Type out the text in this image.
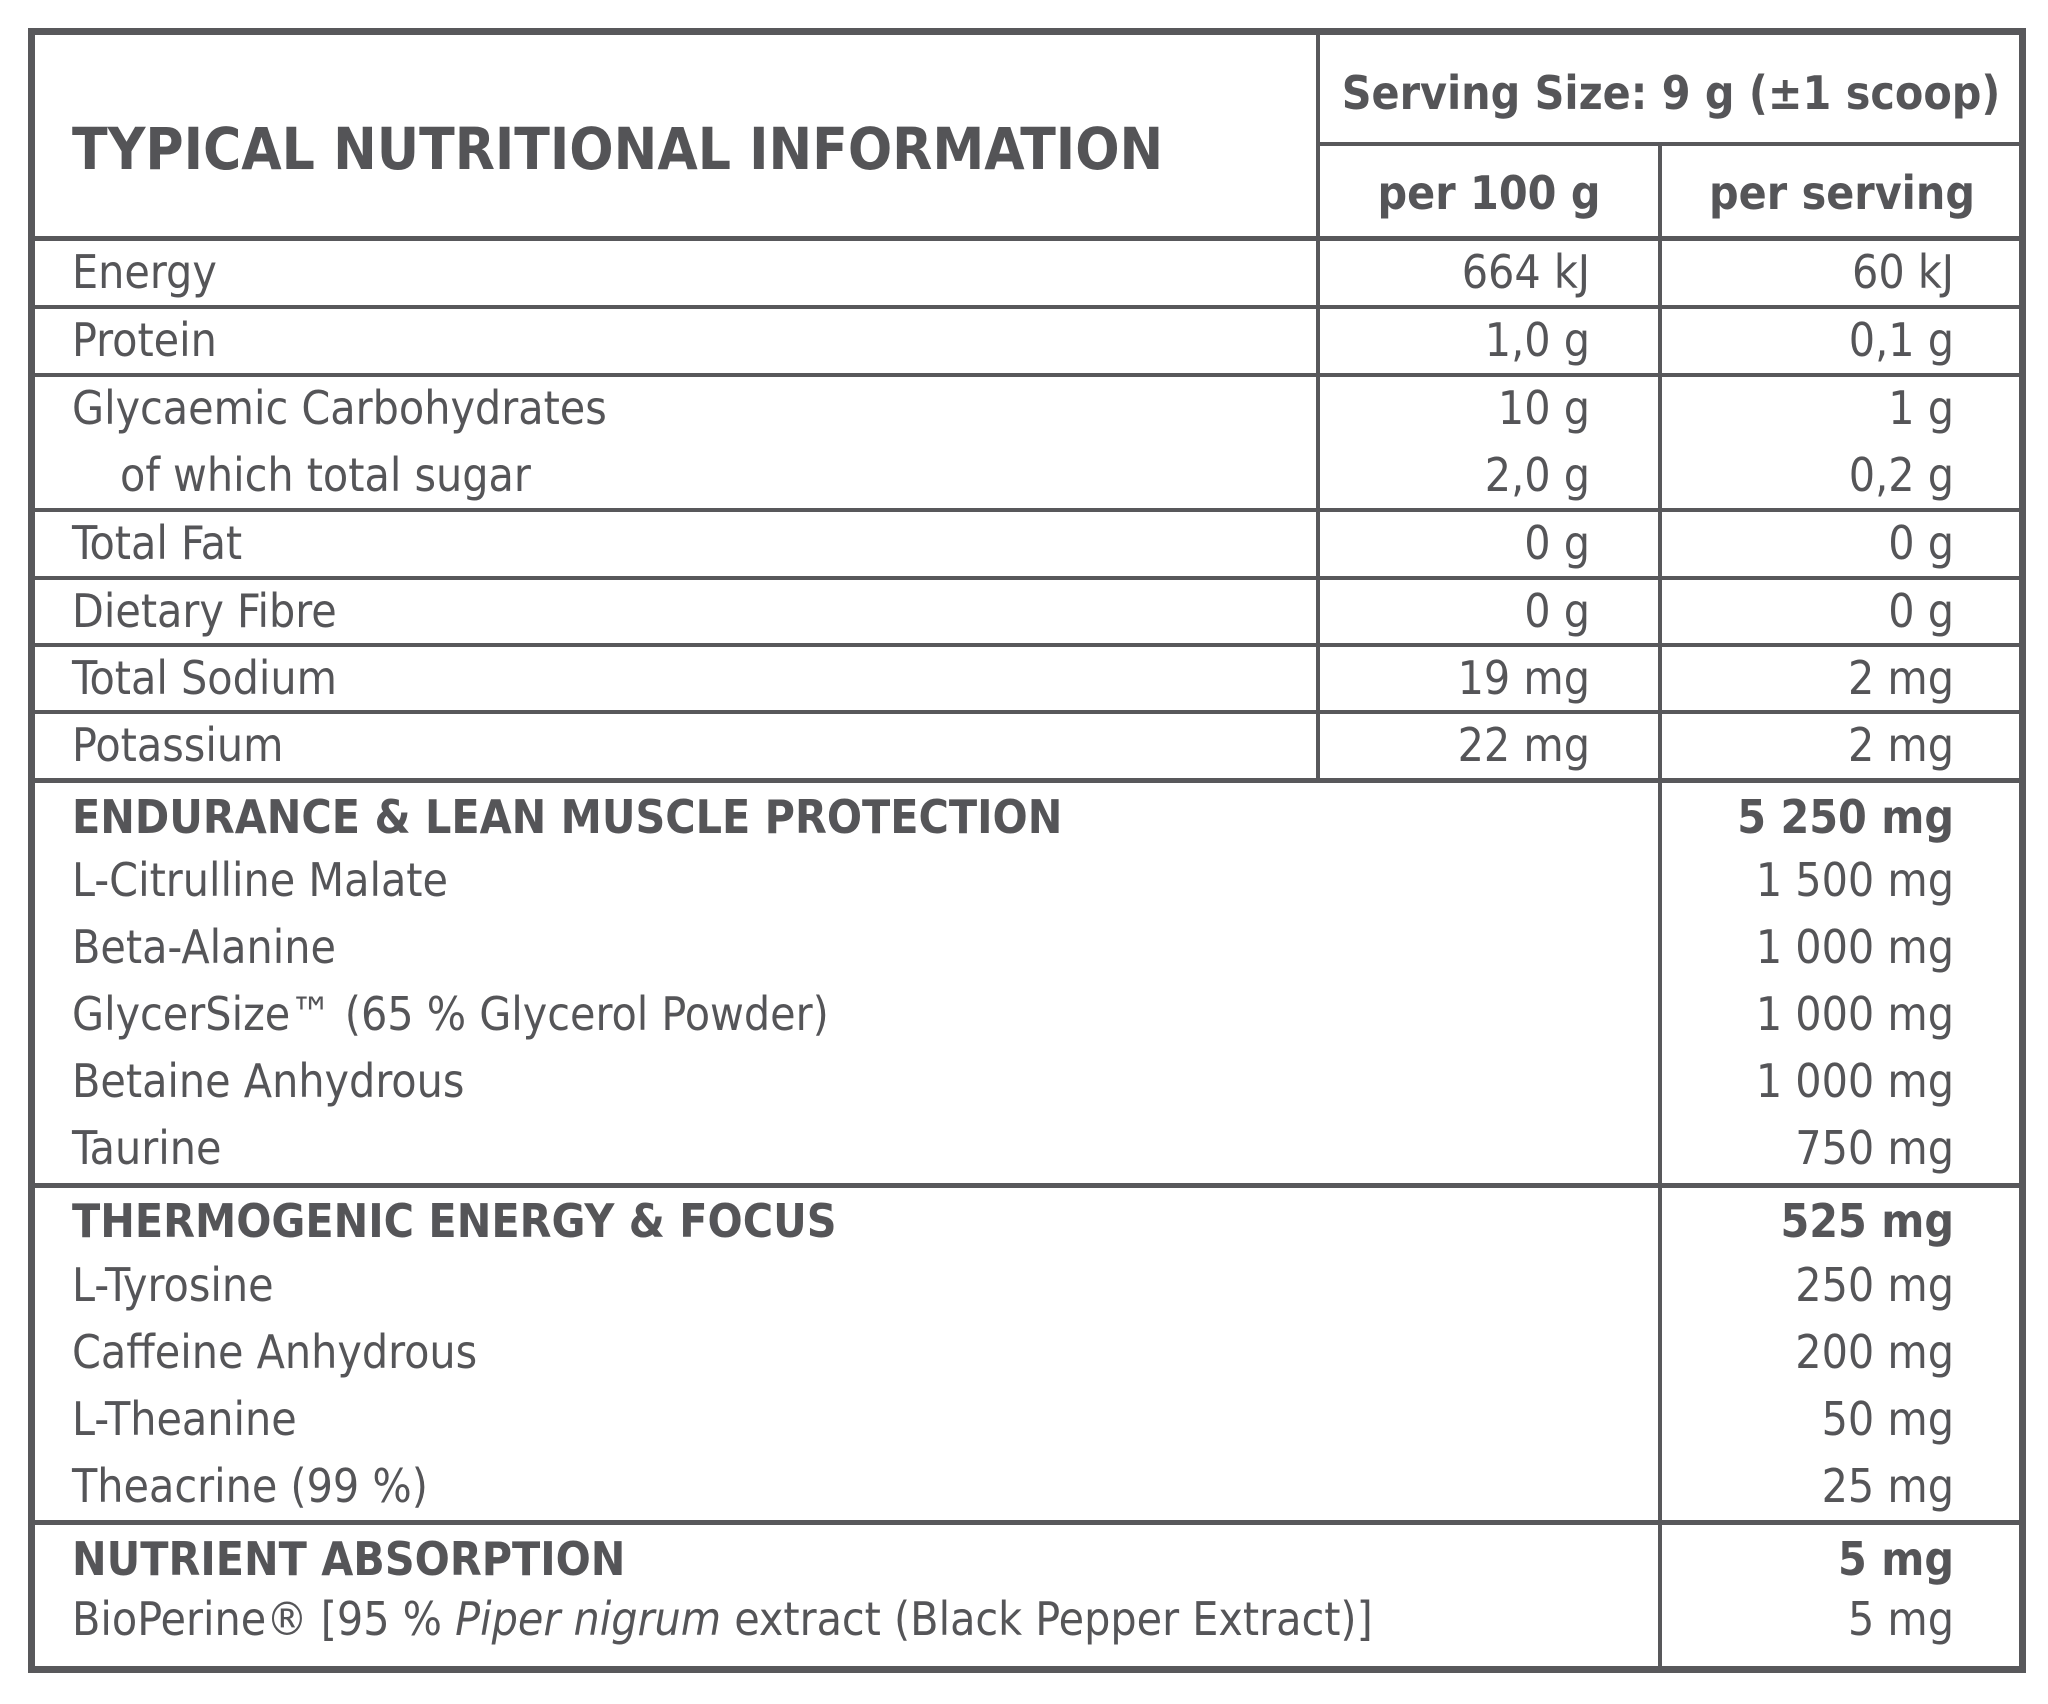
TYPICAL NUTRITIONAL INFORMATION
Serving Size: 9 g (±1 scoop)
per 100 g	per serving
Energy	664 kJ	60 kJ
Protein	1,0 g	0,1 g
Glycaemic Carbohydrates	10 g	1 g
of which total sugar	2,0 g	0,2 g
Total Fat	0 g	0 g
Dietary Fibre	0 g	0 g
Total Sodium	19 mg	2 mg
Potassium	22 mg	2 mg
ENDURANCE & LEAN MUSCLE PROTECTION	5 250 mg
L-Citrulline Malate	1 500 mg
Beta-Alanine	1 000 mg
GlycerSize™ (65 % Glycerol Powder)	1 000 mg
Betaine Anhydrous	1 000 mg
Taurine	750 mg
THERMOGENIC ENERGY & FOCUS	525 mg
L-Tyrosine	250 mg
Caffeine Anhydrous	200 mg
L-Theanine	50 mg
Theacrine (99 %)	25 mg
NUTRIENT ABSORPTION	5 mg
BioPerine® [95 % Piper nigrum extract (Black Pepper Extract)]	5 mg
